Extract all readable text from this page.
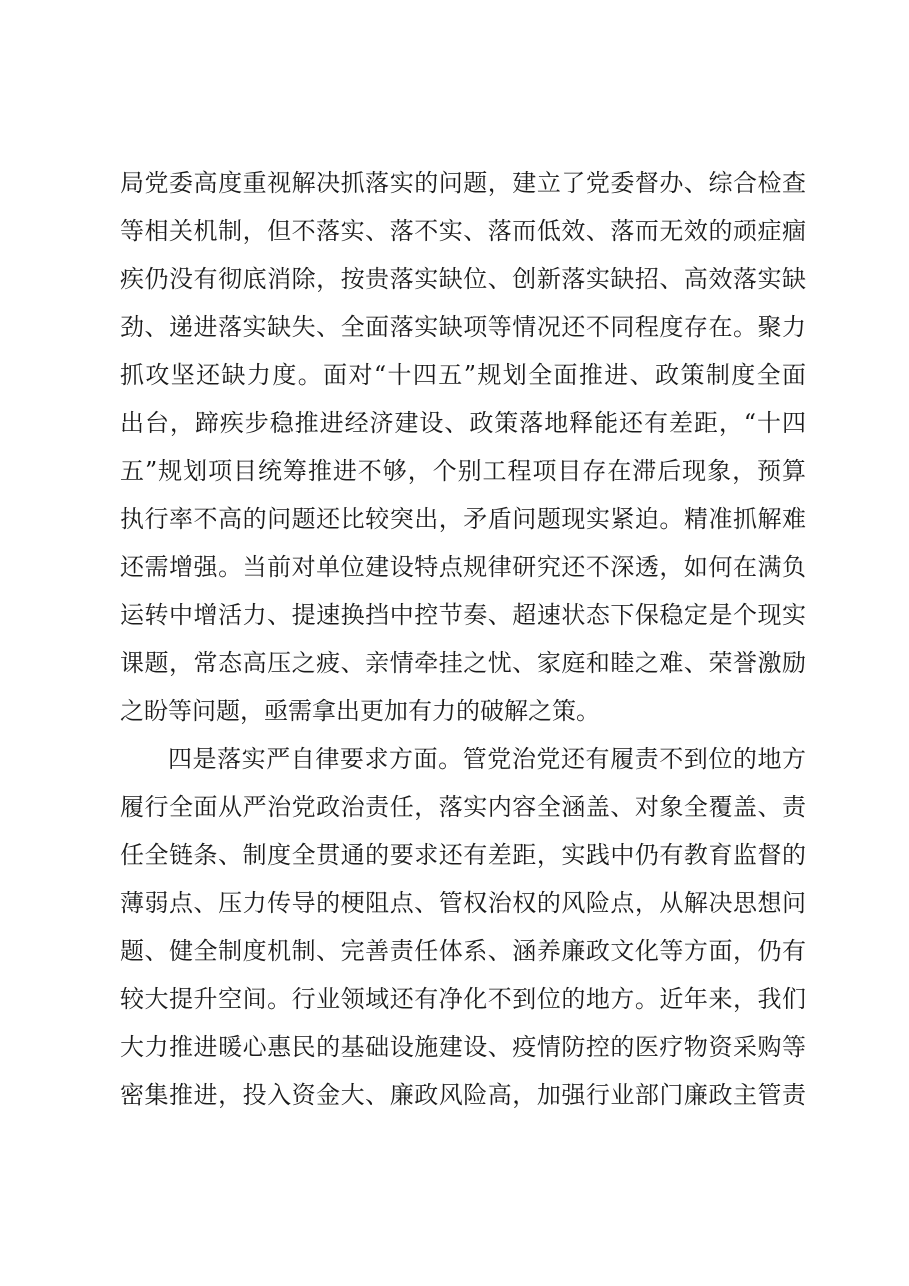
局党委高度重视解决抓落实的问题，建立了党委督办、综合检查
等相关机制，但不落实、落不实、落而低效、落而无效的顽症痼
疾仍没有彻底消除，按贵落实缺位、创新落实缺招、高效落实缺
劲、递进落实缺失、全面落实缺项等情况还不同程度存在。聚力
抓攻坚还缺力度。面对“十四五”规划全面推进、政策制度全面
出台，蹄疾步稳推进经济建设、政策落地释能还有差距，“十四
五”规划项目统筹推进不够，个别工程项目存在滞后现象，预算
执行率不高的问题还比较突出，矛盾问题现实紧迫。精准抓解难
还需增强。当前对单位建设特点规律研究还不深透，如何在满负
运转中增活力、提速换挡中控节奏、超速状态下保稳定是个现实
课题，常态高压之疲、亲情牵挂之忧、家庭和睦之难、荣誉激励
之盼等问题，亟需拿出更加有力的破解之策。
四是落实严自律要求方面。管党治党还有履责不到位的地方
履行全面从严治党政治责任，落实内容全涵盖、对象全覆盖、责
任全链条、制度全贯通的要求还有差距，实践中仍有教育监督的
薄弱点、压力传导的梗阻点、管权治权的风险点，从解决思想问
题、健全制度机制、完善责任体系、涵养廉政文化等方面，仍有
较大提升空间。行业领域还有净化不到位的地方。近年来，我们
大力推进暖心惠民的基础设施建设、疫情防控的医疗物资采购等
密集推进，投入资金大、廉政风险高，加强行业部门廉政主管责
